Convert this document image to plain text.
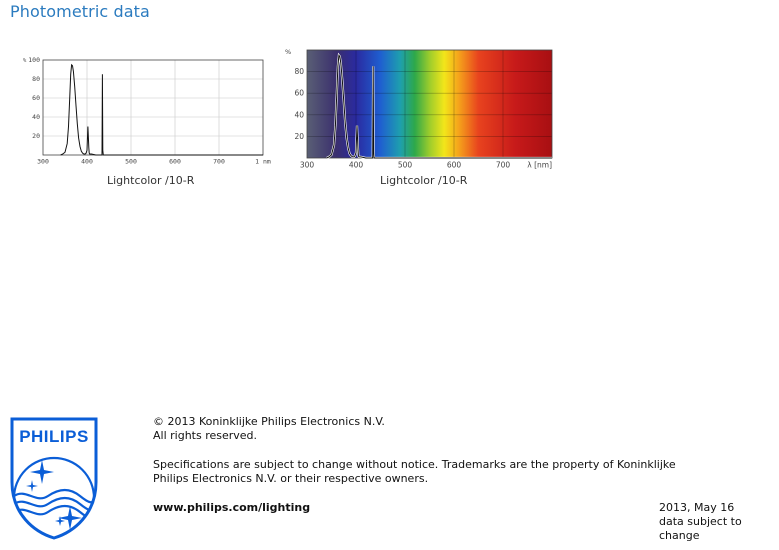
Photometric data
300	400	500	600	700	1 nm
100
80
60
40
20
%
Lightcolor /10-R
300	400	500	600	700
80
60
40
20
%
λ [nm]
Lightcolor /10-R
PHILIPS

© 2013 Koninklijke Philips Electronics N.V.

All rights reserved.

Specifications are subject to change without notice. Trademarks are the property of Koninklijke

Philips Electronics N.V. or their respective owners.

www.philips.com/lighting	2013, May 16

data subject to change
